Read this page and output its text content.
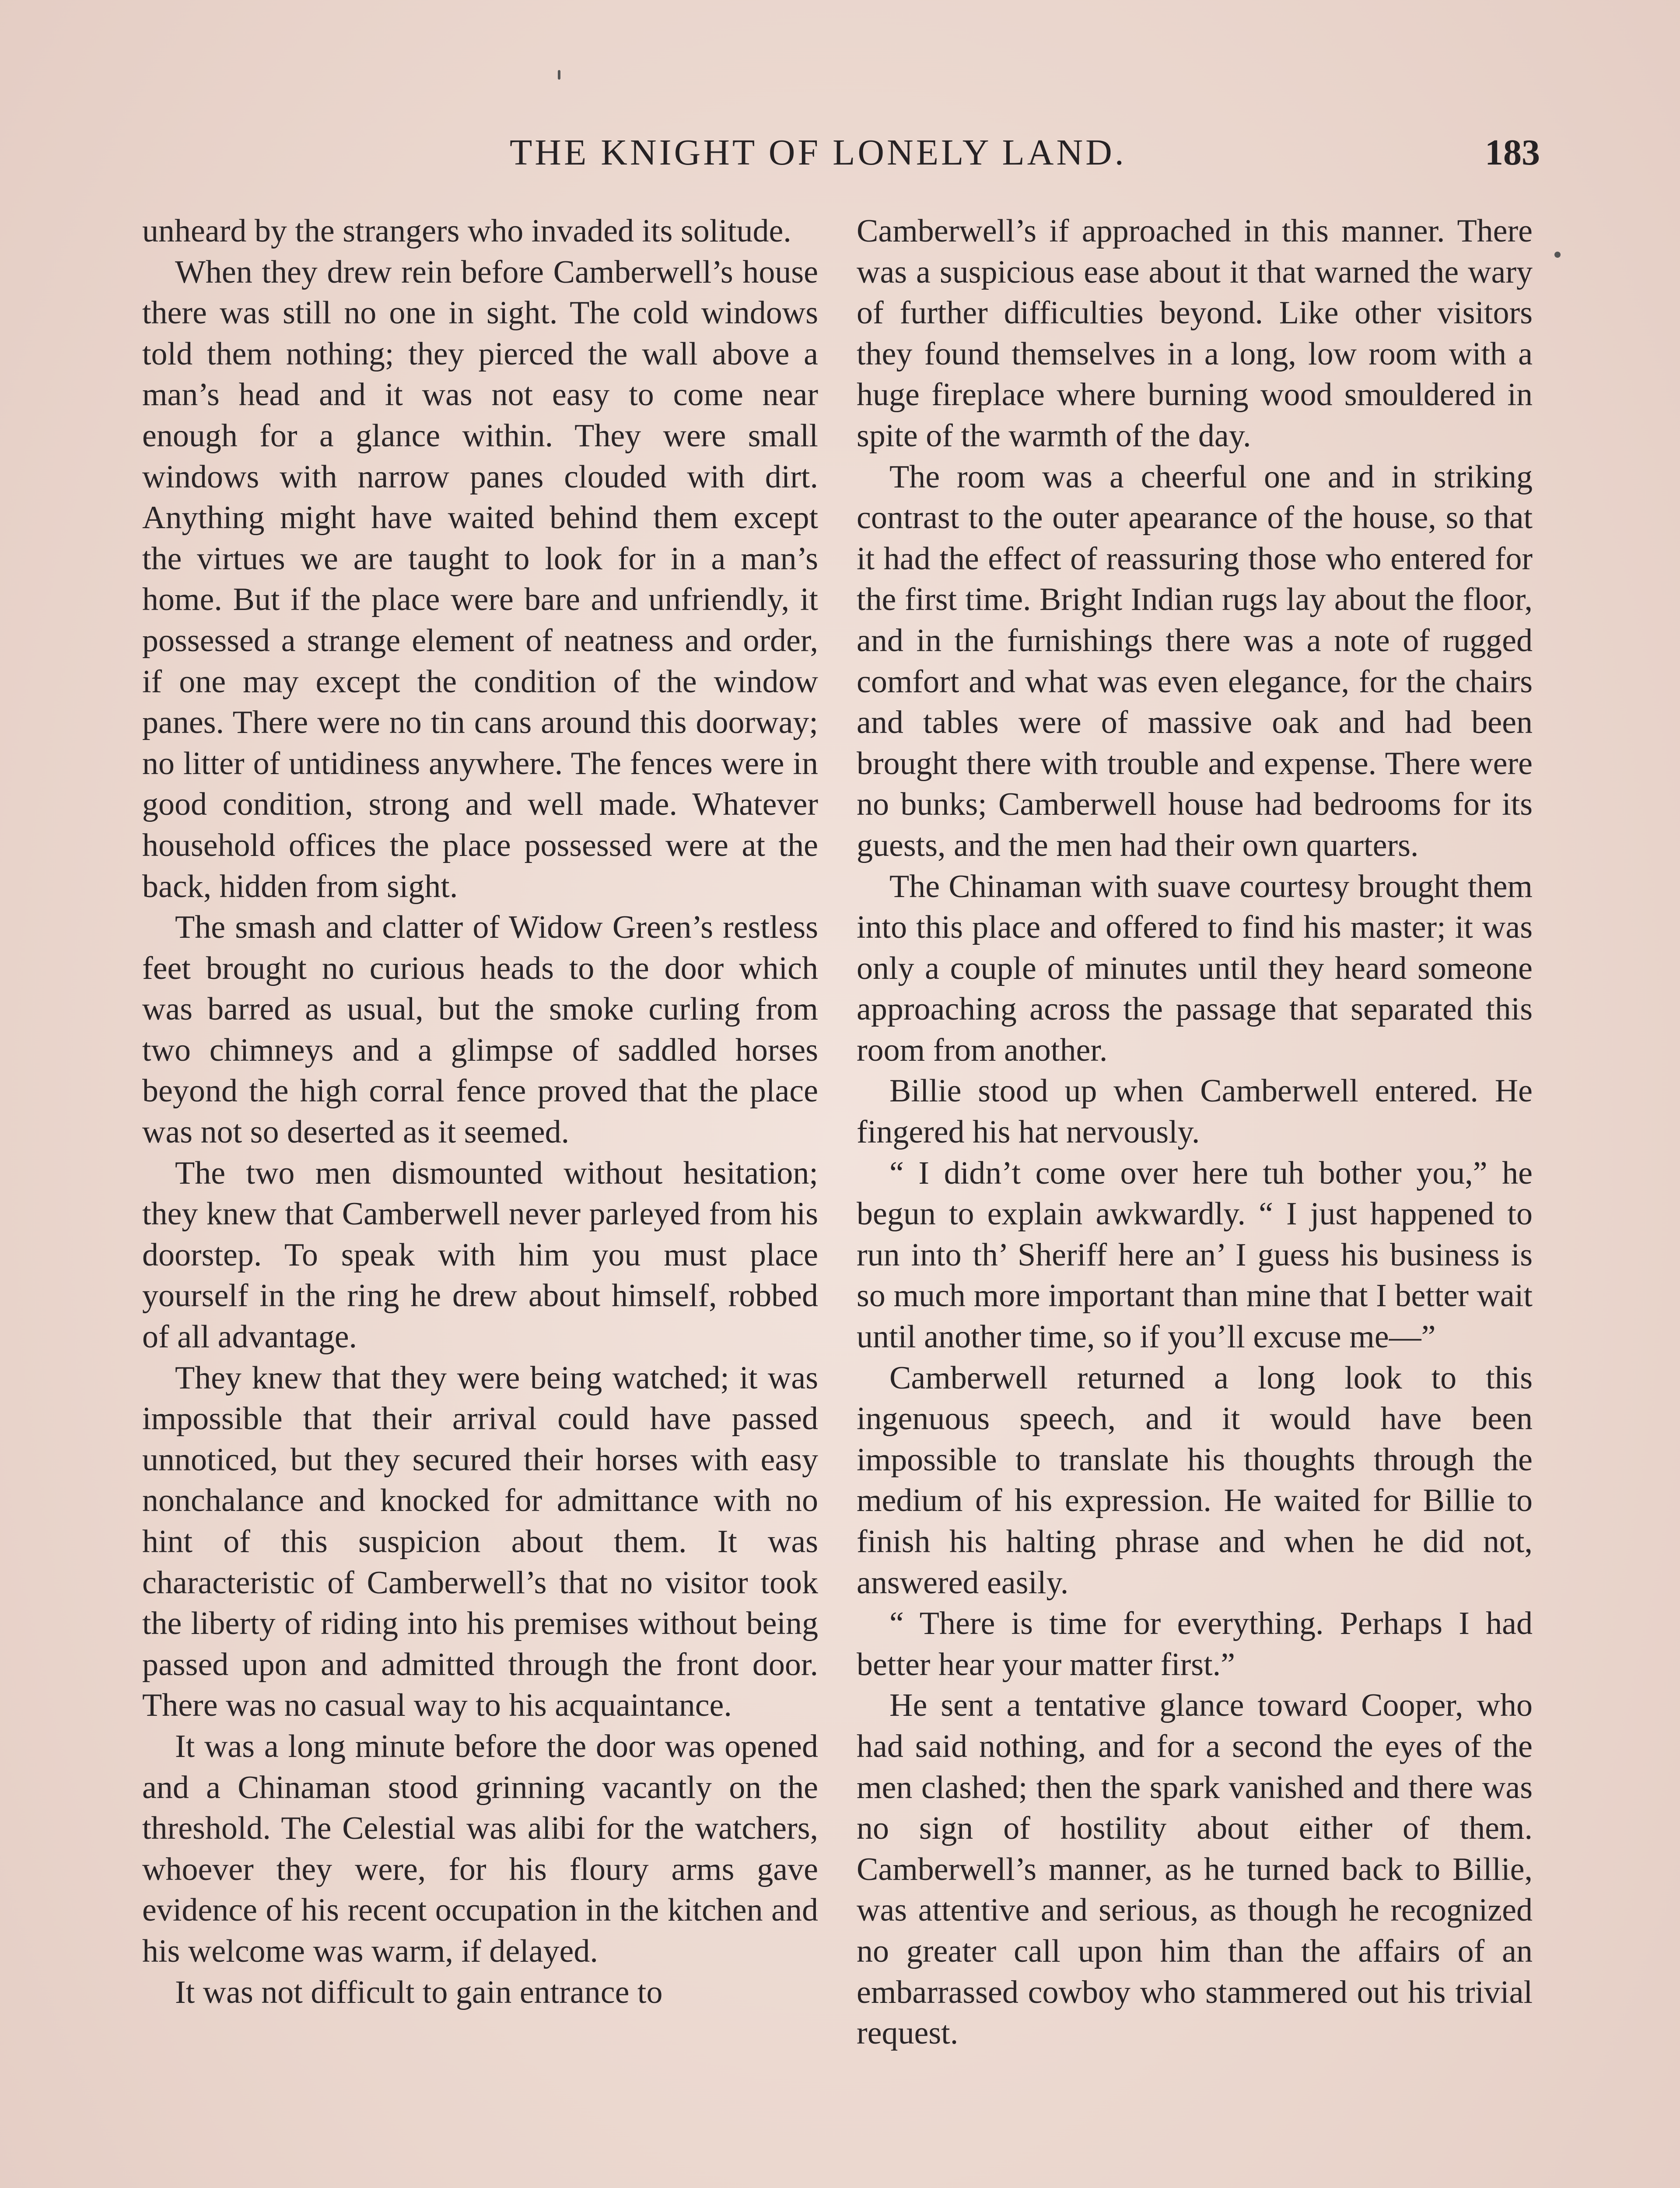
THE KNIGHT OF LONELY LAND.	183

unheard by the strangers who invaded its solitude.

When they drew rein before Camberwell’s house there was still no one in sight. The cold windows told them nothing; they pierced the wall above a man’s head and it was not easy to come near enough for a glance within. They were small windows with narrow panes clouded with dirt. Anything might have waited behind them except the virtues we are taught to look for in a man’s home. But if the place were bare and unfriendly, it possessed a strange element of neatness and order, if one may except the condition of the window panes. There were no tin cans around this doorway; no litter of untidiness anywhere. The fences were in good condition, strong and well made. Whatever household offices the place possessed were at the back, hidden from sight.

The smash and clatter of Widow Green’s restless feet brought no curious heads to the door which was barred as usual, but the smoke curling from two chimneys and a glimpse of saddled horses beyond the high corral fence proved that the place was not so deserted as it seemed.

The two men dismounted without hesitation; they knew that Camberwell never parleyed from his doorstep. To speak with him you must place yourself in the ring he drew about himself, robbed of all advantage.

They knew that they were being watched; it was impossible that their arrival could have passed unnoticed, but they secured their horses with easy nonchalance and knocked for admittance with no hint of this suspicion about them. It was characteristic of Camberwell’s that no visitor took the liberty of riding into his premises without being passed upon and admitted through the front door. There was no casual way to his acquaintance.

It was a long minute before the door was opened and a Chinaman stood grinning vacantly on the threshold. The Celestial was alibi for the watchers, whoever they were, for his floury arms gave evidence of his recent occupation in the kitchen and his welcome was warm, if delayed.

It was not difficult to gain entrance to

Camberwell’s if approached in this manner. There was a suspicious ease about it that warned the wary of further difficulties beyond. Like other visitors they found themselves in a long, low room with a huge fireplace where burning wood smouldered in spite of the warmth of the day.

The room was a cheerful one and in striking contrast to the outer apearance of the house, so that it had the effect of reassuring those who entered for the first time. Bright Indian rugs lay about the floor, and in the furnishings there was a note of rugged comfort and what was even elegance, for the chairs and tables were of massive oak and had been brought there with trouble and expense. There were no bunks; Camberwell house had bedrooms for its guests, and the men had their own quarters.

The Chinaman with suave courtesy brought them into this place and offered to find his master; it was only a couple of minutes until they heard someone approaching across the passage that separated this room from another.

Billie stood up when Camberwell entered. He fingered his hat nervously.

“ I didn’t come over here tuh bother you,” he begun to explain awkwardly. “ I just happened to run into th’ Sheriff here an’ I guess his business is so much more important than mine that I better wait until another time, so if you’ll excuse me—”

Camberwell returned a long look to this ingenuous speech, and it would have been impossible to translate his thoughts through the medium of his expression. He waited for Billie to finish his halting phrase and when he did not, answered easily.

“ There is time for everything. Perhaps I had better hear your matter first.”

He sent a tentative glance toward Cooper, who had said nothing, and for a second the eyes of the men clashed; then the spark vanished and there was no sign of hostility about either of them. Camberwell’s manner, as he turned back to Billie, was attentive and serious, as though he recognized no greater call upon him than the affairs of an embarrassed cowboy who stammered out his trivial request.
